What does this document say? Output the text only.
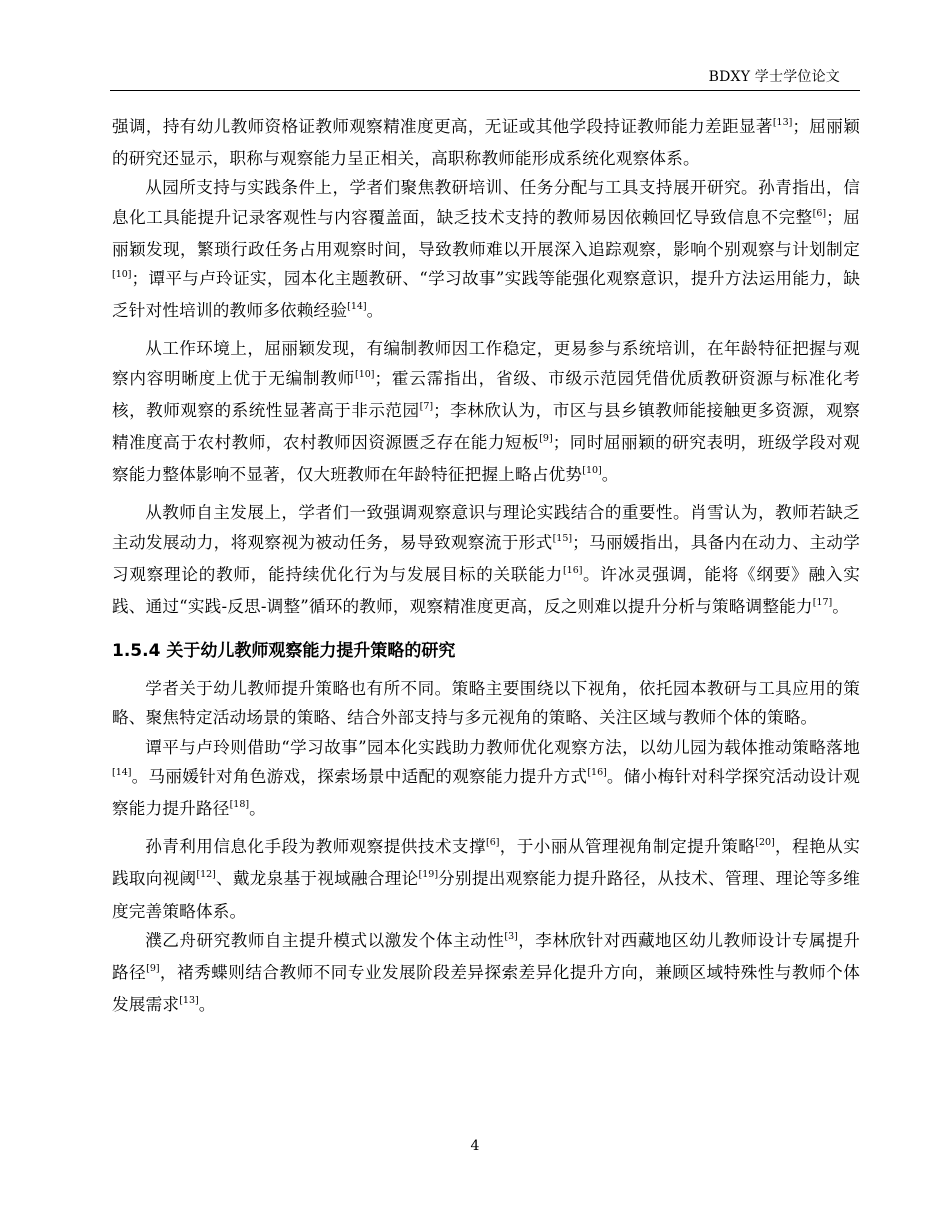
BDXY 学士学位论文

强调，持有幼儿教师资格证教师观察精准度更高，无证或其他学段持证教师能力差距显著[13]；屈丽颖的研究还显示，职称与观察能力呈正相关，高职称教师能形成系统化观察体系。

从园所支持与实践条件上，学者们聚焦教研培训、任务分配与工具支持展开研究。孙青指出，信息化工具能提升记录客观性与内容覆盖面，缺乏技术支持的教师易因依赖回忆导致信息不完整[6]；屈丽颖发现，繁琐行政任务占用观察时间，导致教师难以开展深入追踪观察，影响个别观察与计划制定[10]；谭平与卢玲证实，园本化主题教研、“学习故事”实践等能强化观察意识，提升方法运用能力，缺乏针对性培训的教师多依赖经验[14]。

从工作环境上，屈丽颖发现，有编制教师因工作稳定，更易参与系统培训，在年龄特征把握与观察内容明晰度上优于无编制教师[10]；霍云霈指出，省级、市级示范园凭借优质教研资源与标准化考核，教师观察的系统性显著高于非示范园[7]；李林欣认为，市区与县乡镇教师能接触更多资源，观察精准度高于农村教师，农村教师因资源匮乏存在能力短板[9]；同时屈丽颖的研究表明，班级学段对观察能力整体影响不显著，仅大班教师在年龄特征把握上略占优势[10]。

从教师自主发展上，学者们一致强调观察意识与理论实践结合的重要性。肖雪认为，教师若缺乏主动发展动力，将观察视为被动任务，易导致观察流于形式[15]；马丽媛指出，具备内在动力、主动学习观察理论的教师，能持续优化行为与发展目标的关联能力[16]。许冰灵强调，能将《纲要》融入实践、通过“实践-反思-调整”循环的教师，观察精准度更高，反之则难以提升分析与策略调整能力[17]。

1.5.4 关于幼儿教师观察能力提升策略的研究

学者关于幼儿教师提升策略也有所不同。策略主要围绕以下视角，依托园本教研与工具应用的策略、聚焦特定活动场景的策略、结合外部支持与多元视角的策略、关注区域与教师个体的策略。

谭平与卢玲则借助“学习故事”园本化实践助力教师优化观察方法，以幼儿园为载体推动策略落地[14]。马丽媛针对角色游戏，探索场景中适配的观察能力提升方式[16]。储小梅针对科学探究活动设计观察能力提升路径[18]。

孙青利用信息化手段为教师观察提供技术支撑[6]，于小丽从管理视角制定提升策略[20]，程艳从实践取向视阈[12]、戴龙泉基于视域融合理论[19]分别提出观察能力提升路径，从技术、管理、理论等多维度完善策略体系。

濮乙舟研究教师自主提升模式以激发个体主动性[3]，李林欣针对西藏地区幼儿教师设计专属提升路径[9]，褚秀蝶则结合教师不同专业发展阶段差异探索差异化提升方向，兼顾区域特殊性与教师个体发展需求[13]。

4
